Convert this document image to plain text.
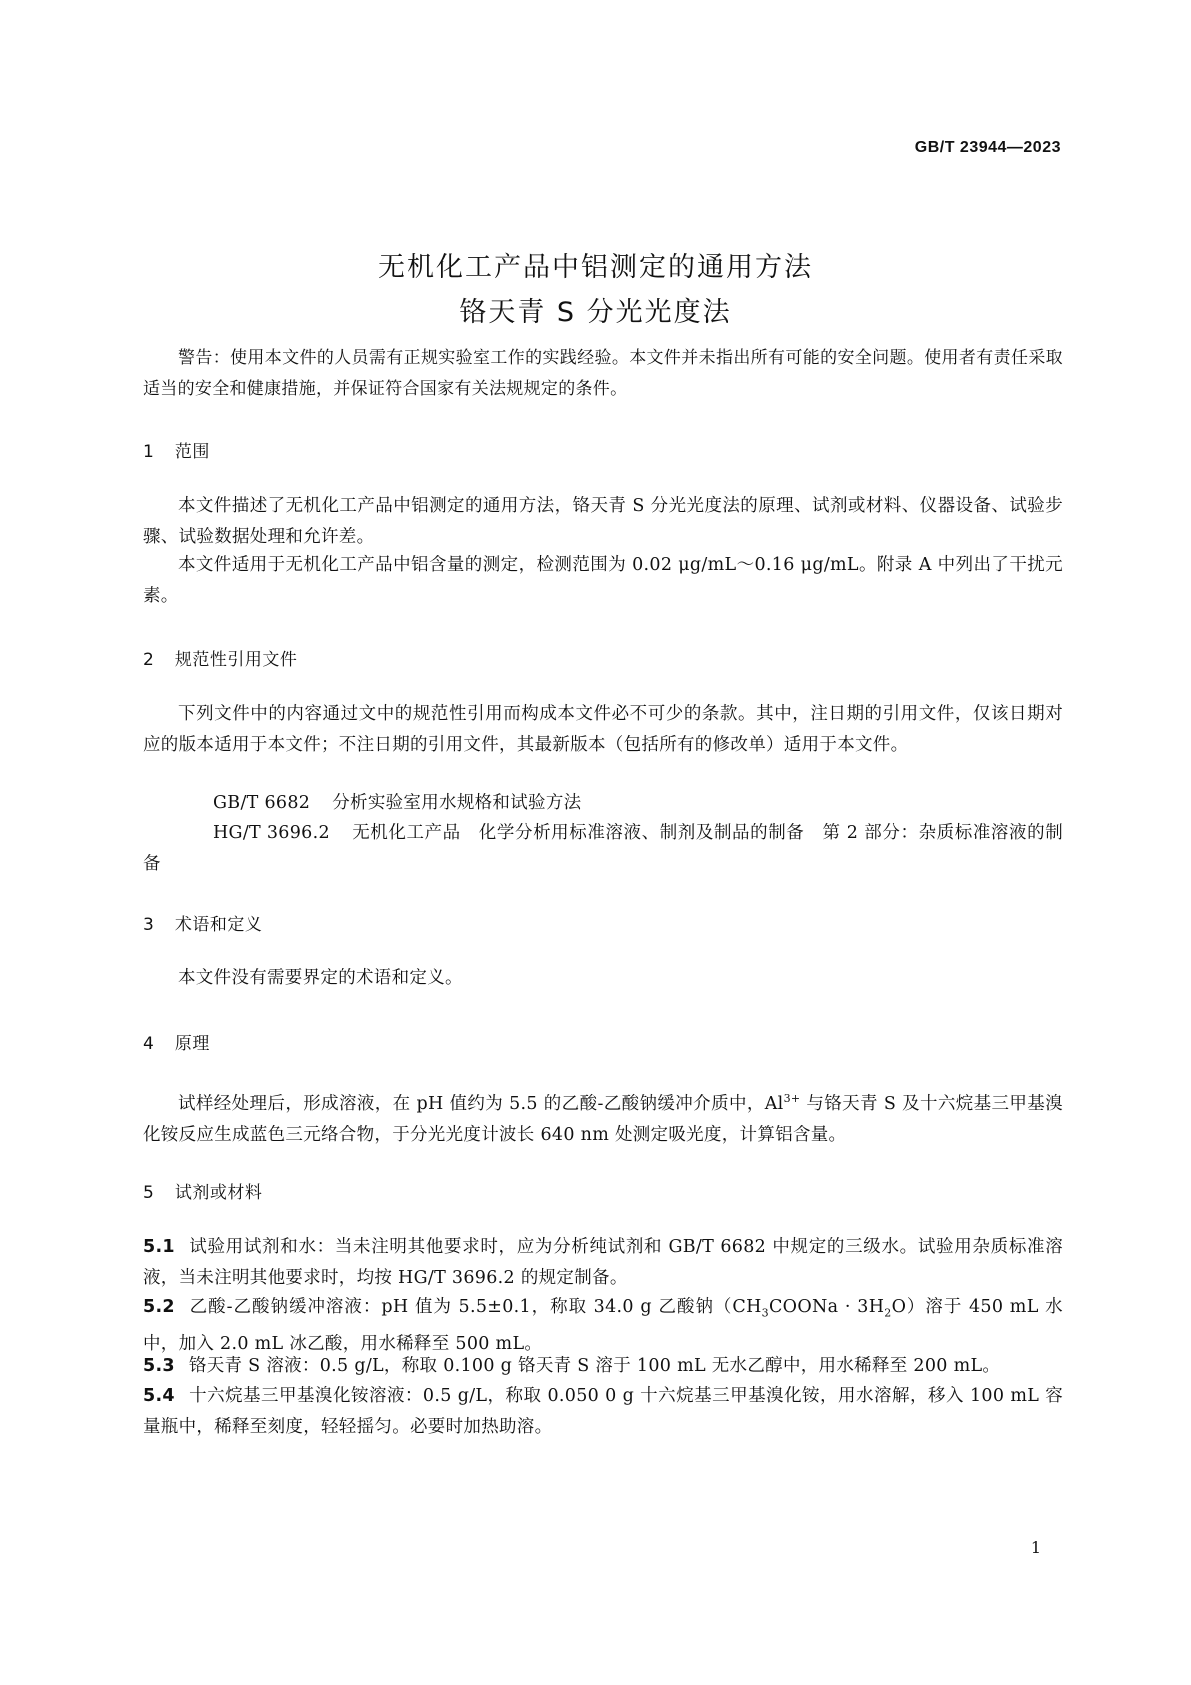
GB/T 23944—2023
无机化工产品中铝测定的通用方法
铬天青 S 分光光度法
警告：使用本文件的人员需有正规实验室工作的实践经验。本文件并未指出所有可能的安全问题。使用者有责任采取适当的安全和健康措施，并保证符合国家有关法规规定的条件。
1 范围
本文件描述了无机化工产品中铝测定的通用方法，铬天青 S 分光光度法的原理、试剂或材料、仪器设备、试验步骤、试验数据处理和允许差。
本文件适用于无机化工产品中铝含量的测定，检测范围为 0.02 μg/mL～0.16 μg/mL。附录 A 中列出了干扰元素。
2 规范性引用文件
下列文件中的内容通过文中的规范性引用而构成本文件必不可少的条款。其中，注日期的引用文件，仅该日期对应的版本适用于本文件；不注日期的引用文件，其最新版本（包括所有的修改单）适用于本文件。
GB/T 6682 分析实验室用水规格和试验方法
HG/T 3696.2 无机化工产品　化学分析用标准溶液、制剂及制品的制备　第 2 部分：杂质标准溶液的制备
3 术语和定义
本文件没有需要界定的术语和定义。
4 原理
试样经处理后，形成溶液，在 pH 值约为 5.5 的乙酸-乙酸钠缓冲介质中，$Al^{3+}$ 与铬天青 S 及十六烷基三甲基溴化铵反应生成蓝色三元络合物，于分光光度计波长 640 nm 处测定吸光度，计算铝含量。
5 试剂或材料
5.1 试验用试剂和水：当未注明其他要求时，应为分析纯试剂和 GB/T 6682 中规定的三级水。试验用杂质标准溶液，当未注明其他要求时，均按 HG/T 3696.2 的规定制备。
5.2 乙酸-乙酸钠缓冲溶液：pH 值为 5.5±0.1，称取 34.0 g 乙酸钠$(CH_3COONa \cdot 3H_2O)$溶于 450 mL 水中，加入 2.0 mL 冰乙酸，用水稀释至 500 mL。
5.3 铬天青 S 溶液：0.5 g/L，称取 0.100 g 铬天青 S 溶于 100 mL 无水乙醇中，用水稀释至 200 mL。
5.4 十六烷基三甲基溴化铵溶液：0.5 g/L，称取 0.050 0 g 十六烷基三甲基溴化铵，用水溶解，移入 100 mL 容量瓶中，稀释至刻度，轻轻摇匀。必要时加热助溶。
1
